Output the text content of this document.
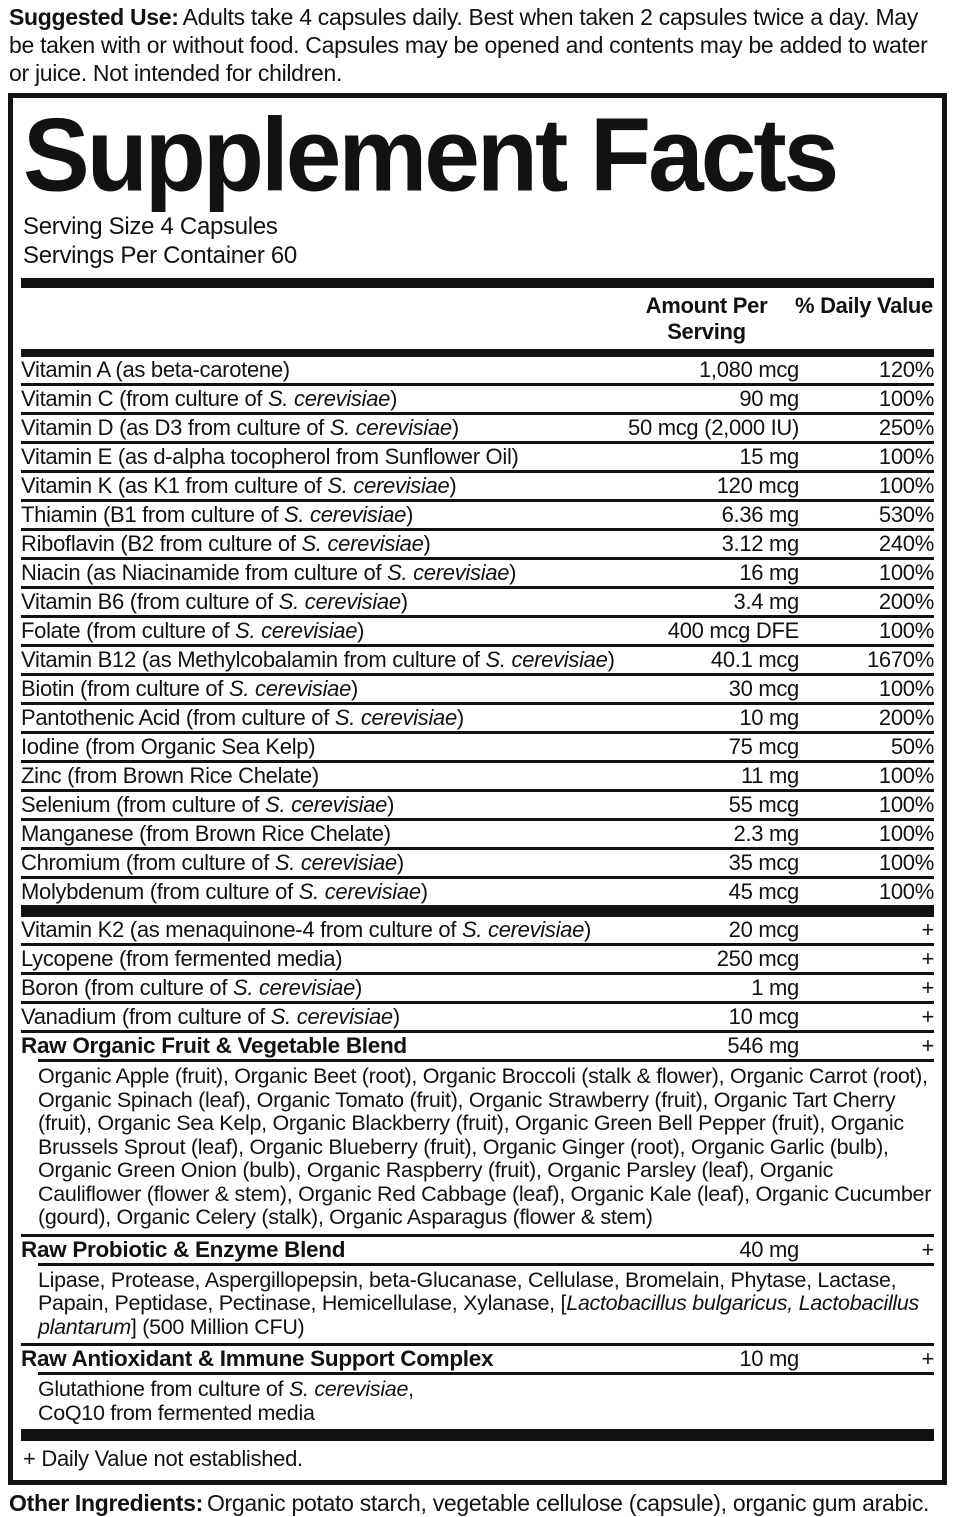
Suggested Use: Adults take 4 capsules daily. Best when taken 2 capsules twice a day. May be taken with or without food. Capsules may be opened and contents may be added to water or juice. Not intended for children.
Supplement Facts
Serving Size 4 Capsules
Servings Per Container 60
Amount Per Serving
% Daily Value
Vitamin A (as beta-carotene)	1,080 mcg	120%
Vitamin C (from culture of S. cerevisiae)	90 mg	100%
Vitamin D (as D3 from culture of S. cerevisiae)	50 mcg (2,000 IU)	250%
Vitamin E (as d-alpha tocopherol from Sunflower Oil)	15 mg	100%
Vitamin K (as K1 from culture of S. cerevisiae)	120 mcg	100%
Thiamin (B1 from culture of S. cerevisiae)	6.36 mg	530%
Riboflavin (B2 from culture of S. cerevisiae)	3.12 mg	240%
Niacin (as Niacinamide from culture of S. cerevisiae)	16 mg	100%
Vitamin B6 (from culture of S. cerevisiae)	3.4 mg	200%
Folate (from culture of S. cerevisiae)	400 mcg DFE	100%
Vitamin B12 (as Methylcobalamin from culture of S. cerevisiae)	40.1 mcg	1670%
Biotin (from culture of S. cerevisiae)	30 mcg	100%
Pantothenic Acid (from culture of S. cerevisiae)	10 mg	200%
Iodine (from Organic Sea Kelp)	75 mcg	50%
Zinc (from Brown Rice Chelate)	11 mg	100%
Selenium (from culture of S. cerevisiae)	55 mcg	100%
Manganese (from Brown Rice Chelate)	2.3 mg	100%
Chromium (from culture of S. cerevisiae)	35 mcg	100%
Molybdenum (from culture of S. cerevisiae)	45 mcg	100%
Vitamin K2 (as menaquinone-4 from culture of S. cerevisiae)	20 mcg	+
Lycopene (from fermented media)	250 mcg	+
Boron (from culture of S. cerevisiae)	1 mg	+
Vanadium (from culture of S. cerevisiae)	10 mcg	+
Raw Organic Fruit & Vegetable Blend	546 mg	+
Organic Apple (fruit), Organic Beet (root), Organic Broccoli (stalk & flower), Organic Carrot (root), Organic Spinach (leaf), Organic Tomato (fruit), Organic Strawberry (fruit), Organic Tart Cherry (fruit), Organic Sea Kelp, Organic Blackberry (fruit), Organic Green Bell Pepper (fruit), Organic Brussels Sprout (leaf), Organic Blueberry (fruit), Organic Ginger (root), Organic Garlic (bulb), Organic Green Onion (bulb), Organic Raspberry (fruit), Organic Parsley (leaf), Organic Cauliflower (flower & stem), Organic Red Cabbage (leaf), Organic Kale (leaf), Organic Cucumber (gourd), Organic Celery (stalk), Organic Asparagus (flower & stem)
Raw Probiotic & Enzyme Blend	40 mg	+
Lipase, Protease, Aspergillopepsin, beta-Glucanase, Cellulase, Bromelain, Phytase, Lactase, Papain, Peptidase, Pectinase, Hemicellulase, Xylanase, [Lactobacillus bulgaricus, Lactobacillus plantarum] (500 Million CFU)
Raw Antioxidant & Immune Support Complex	10 mg	+
Glutathione from culture of S. cerevisiae,
CoQ10 from fermented media
+ Daily Value not established.
Other Ingredients: Organic potato starch, vegetable cellulose (capsule), organic gum arabic.
